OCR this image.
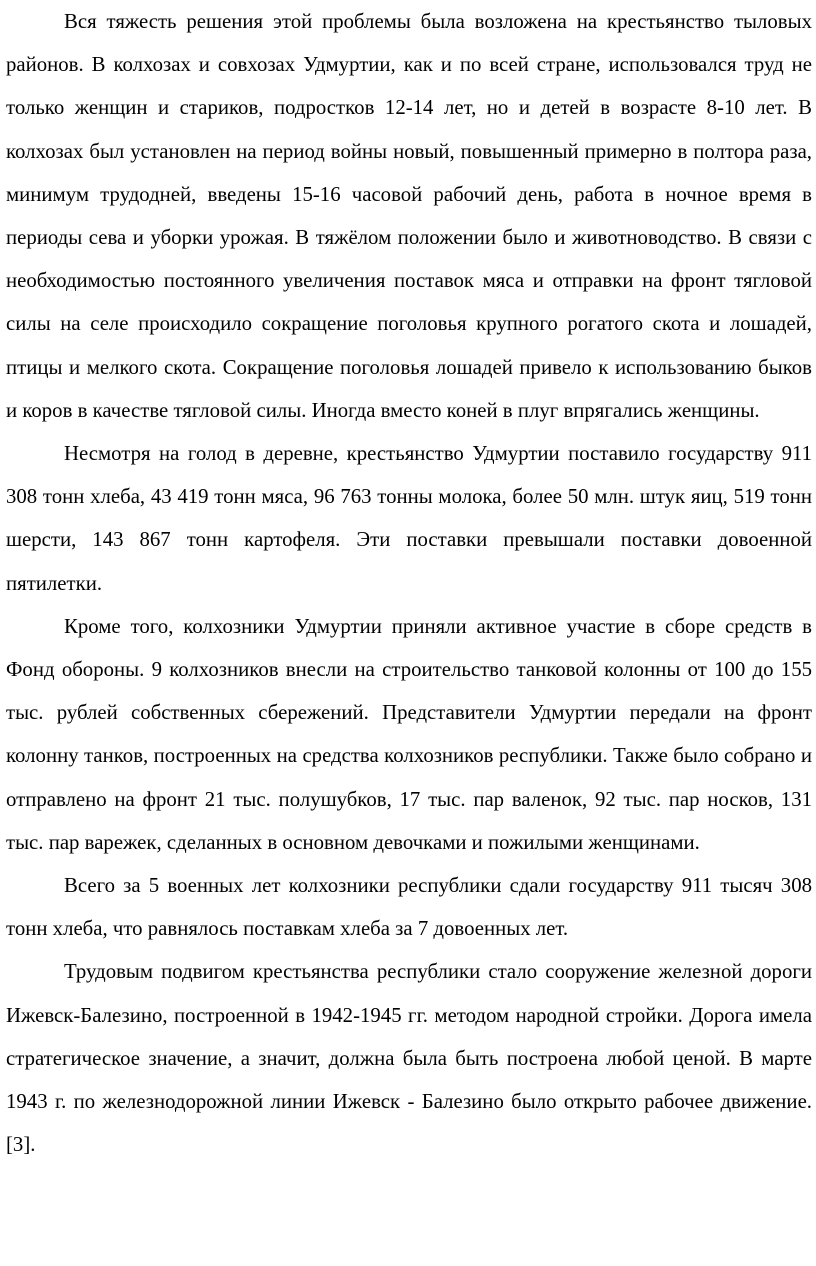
Вся тяжесть решения этой проблемы была возложена на крестьянство тыловых районов. В колхозах и совхозах Удмуртии, как и по всей стране, использовался труд не только женщин и стариков, подростков 12-14 лет, но и детей в возрасте 8-10 лет. В колхозах был установлен на период войны новый, повышенный примерно в полтора раза, минимум трудодней, введены 15-16 часовой рабочий день, работа в ночное время в периоды сева и уборки урожая. В тяжёлом положении было и животноводство. В связи с необходимостью постоянного увеличения поставок мяса и отправки на фронт тягловой силы на селе происходило сокращение поголовья крупного рогатого скота и лошадей, птицы и мелкого скота. Сокращение поголовья лошадей привело к использованию быков и коров в качестве тягловой силы. Иногда вместо коней в плуг впрягались женщины.

Несмотря на голод в деревне, крестьянство Удмуртии поставило государству 911 308 тонн хлеба, 43 419 тонн мяса, 96 763 тонны молока, более 50 млн. штук яиц, 519 тонн шерсти, 143 867 тонн картофеля. Эти поставки превышали поставки довоенной пятилетки.

Кроме того, колхозники Удмуртии приняли активное участие в сборе средств в Фонд обороны. 9 колхозников внесли на строительство танковой колонны от 100 до 155 тыс. рублей собственных сбережений. Представители Удмуртии передали на фронт колонну танков, построенных на средства колхозников республики. Также было собрано и отправлено на фронт 21 тыс. полушубков, 17 тыс. пар валенок, 92 тыс. пар носков, 131 тыс. пар варежек, сделанных в основном девочками и пожилыми женщинами.

Всего за 5 военных лет колхозники республики сдали государству 911 тысяч 308 тонн хлеба, что равнялось поставкам хлеба за 7 довоенных лет.

Трудовым подвигом крестьянства республики стало сооружение железной дороги Ижевск-Балезино, построенной в 1942-1945 гг. методом народной стройки. Дорога имела стратегическое значение, а значит, должна была быть построена любой ценой. В марте 1943 г. по железнодорожной линии Ижевск - Балезино было открыто рабочее движение.[3].
